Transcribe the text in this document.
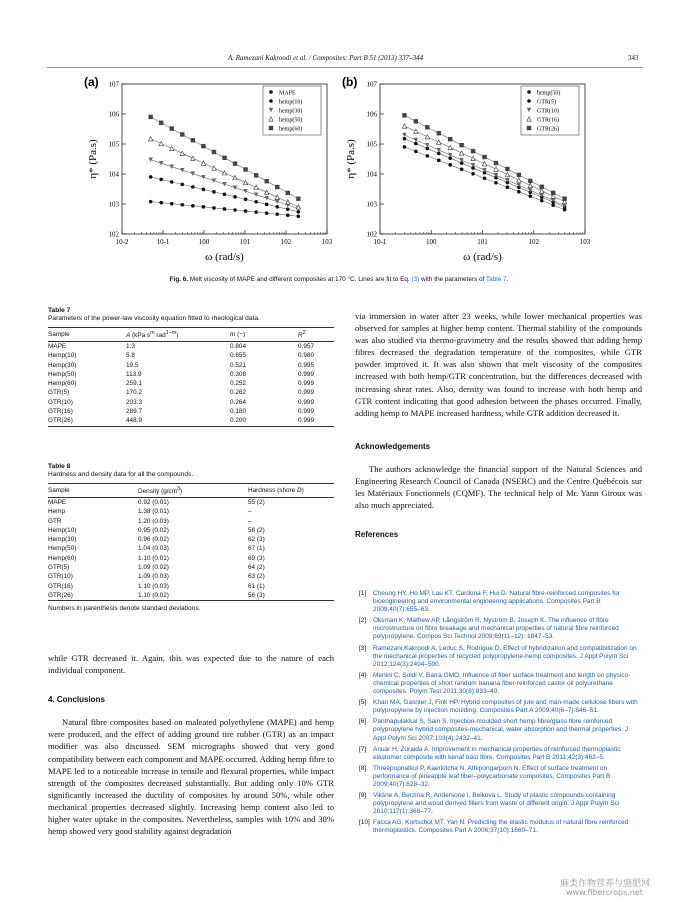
A. Ramezani Kakroodi et al. / Composites: Part B 51 (2013) 337–344	343
(a)
10-2	10-1	100	101	102	103
102
103
104
105
106
107
ω (rad/s)
η* (Pa.s)
MAPE
hemp(10)
hemp(30)
hemp(50)
hemp(60)
(b)
10-1	100	101	102	103
102
103
104
105
106
107
ω (rad/s)
η* (Pa.s)
hemp(50)
GTR(5)
GTR(10)
GTR(16)
GTR(26)
Fig. 6. Melt viscosity of MAPE and different composites at 170 °C. Lines are fit to Eq. (3) with the parameters of Table 7.
Table 7
Parameters of the power-law viscosity equation fitted to rheological data.
Sample	A (kPa $s^m$ rad$^{1-m}$)	m (−)	$R^2$
MAPE	1.3	0.804	0.957
Hemp(10)	5.8	0.655	0.980
Hemp(30)	19.5	0.521	0.995
Hemp(50)	113.9	0.308	0.999
Hemp(60)	259.1	0.252	0.999
GTR(5)	170.2	0.262	0.999
GTR(10)	203.3	0.264	0.999
GTR(16)	289.7	0.180	0.999
GTR(26)	448.9	0.200	0.999
Table 8
Hardness and density data for all the compounds.
Sample	Density $(g/cm^3)$	Hardness (shore D)
MAPE	0.92 (0.01)	55 (2)
Hemp	1.38 (0.01)	–
GTR	1.20 (0.03)	–
Hemp(10)	0.95 (0.02)	58 (2)
Hemp(30)	0.96 (0.02)	62 (3)
Hemp(50)	1.04 (0.03)	67 (1)
Hemp(60)	1.10 (0.01)	69 (3)
GTR(5)	1.09 (0.02)	64 (2)
GTR(10)	1.09 (0.03)	63 (2)
GTR(16)	1.10 (0.03)	61 (1)
GTR(26)	1.10 (0.02)	56 (3)
Numbers in parenthesis denote standard deviations.
while GTR decreased it. Again, this was expected due to the nature of each individual component.
4. Conclusions
Natural fibre composites based on maleated polyethylene (MAPE) and hemp were produced, and the effect of adding ground tire rubber (GTR) as an impact modifier was also discussed. SEM micrographs showed that very good compatibility between each component and MAPE occurred. Adding hemp fibre to MAPE led to a noticeable increase in tensile and flexural properties, while impact strength of the composites decreased substantially. But adding only 10% GTR significantly increased the ductility of composites by around 50%, while other mechanical properties decreased slightly. Increasing hemp content also led to higher water uptake in the composites. Nevertheless, samples with 10% and 30% hemp showed very good stability against degradation
via immersion in water after 23 weeks, while lower mechanical properties was observed for samples at higher hemp content. Thermal stability of the compounds was also studied via thermo-gravimetry and the results showed that adding hemp fibres decreased the degradation temperature of the composites, while GTR powder improved it. It was also shown that melt viscosity of the composites increased with both hemp/GTR concentration, but the differences decreased with increasing shear rates. Also, density was found to increase with both hemp and GTR content indicating that good adhesion between the phases occurred. Finally, adding hemp to MAPE increased hardness, while GTR addition decreased it.
Acknowledgements
The authors acknowledge the financial support of the Natural Sciences and Engineering Research Council of Canada (NSERC) and the Centre Québécois sur les Matériaux Fonctionnels (CQMF). The technical help of Mr. Yann Giroux was also much appreciated.
References
[1]	Cheung HY, Ho MP, Lau KT, Cardona F, Hui D. Natural fibre-reinforced composites for bioengineering and environmental engineering applications. Composites Part B 2009;40(7):655–63.
[2]	Oksman K, Mathew AP, Långström R, Nyström B, Joseph K. The influence of fibre microstructure on fibre breakage and mechanical properties of natural fibre reinforced polypropylene. Compos Sci Technol 2009;69(11–12): 1847–53.
[3]	Ramezani Kakroodi A, Leduc S, Rodrigue D. Effect of hybridization and compatibilization on the mechanical properties of recycled polypropylene-hemp composites. J Appl Polym Sci 2012;124(3):2494–500.
[4]	Merlini C, Soldi V, Barra GMO. Influence of fiber surface treatment and length on physico-chemical properties of short random banana fiber-reinforced castor oil polyurethane composites. Polym Test 2011;30(8):833–40.
[5]	Khan MA, Gasnter J, Fink HP. Hybrid composites of jute and man-made cellulose fibers with polypropylene by injection moulding. Composites Part A 2009;40(6–7):846–51.
[6]	Panthapulakkal S, Sain S. Injection-moulded short hemp fibre/glass fibre reinforced polypropylene hybrid composites-mechanical, water absorption and thermal properties. J Appl Polym Sci 2007;103(4):2432–41.
[7]	Anuar H, Zuraida A. Improvement in mechanical properties of reinforced thermoplastic elastomer composite with kenaf bast fibre. Composites Part B 2011;42(3):462–5.
[8]	Threepopnatkul P, Kaerkitcha N, Athipongarporn N. Effect of surface treatment on performance of pineapple leaf fiber–polycarbonate composites. Composites Part B 2009;40(7):628–32.
[9]	Vikšne A, Berzina R, Andersone I, Belkova L. Study of plastic compounds containing polypropylene and wood derived fillers from waste of different origin. J Appl Polym Sci 2010;117(1):368–77.
[10] Facca AG, Kortschot MT, Yan N. Predicting the elastic modulus of natural fibre reinforced thermoplastics. Composites Part A 2006;37(10):1660–71.
麻类作物营养与施肥网
www.fibercrops.net
